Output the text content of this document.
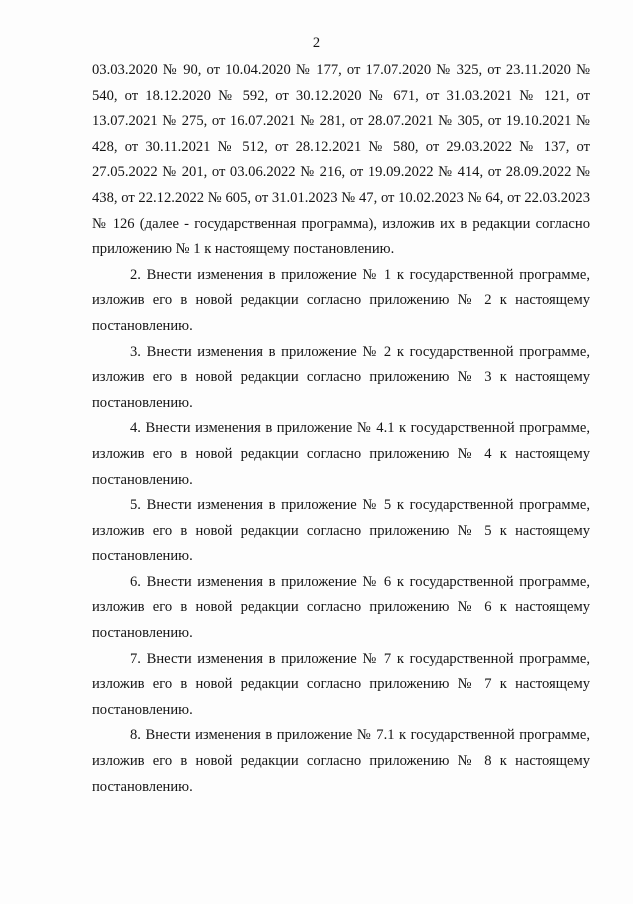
2

03.03.2020 № 90, от 10.04.2020 № 177, от 17.07.2020 № 325, от 23.11.2020 № 540, от 18.12.2020 № 592, от 30.12.2020 № 671, от 31.03.2021 № 121, от 13.07.2021 № 275, от 16.07.2021 № 281, от 28.07.2021 № 305, от 19.10.2021 № 428, от 30.11.2021 № 512, от 28.12.2021 № 580, от 29.03.2022 № 137, от 27.05.2022 № 201, от 03.06.2022 № 216, от 19.09.2022 № 414, от 28.09.2022 № 438, от 22.12.2022 № 605, от 31.01.2023 № 47, от 10.02.2023 № 64, от 22.03.2023 № 126 (далее - государственная программа), изложив их в редакции согласно приложению № 1 к настоящему постановлению.

2. Внести изменения в приложение № 1 к государственной программе, изложив его в новой редакции согласно приложению № 2 к настоящему постановлению.

3. Внести изменения в приложение № 2 к государственной программе, изложив его в новой редакции согласно приложению № 3 к настоящему постановлению.

4. Внести изменения в приложение № 4.1 к государственной программе, изложив его в новой редакции согласно приложению № 4 к настоящему постановлению.

5. Внести изменения в приложение № 5 к государственной программе, изложив его в новой редакции согласно приложению № 5 к настоящему постановлению.

6. Внести изменения в приложение № 6 к государственной программе, изложив его в новой редакции согласно приложению № 6 к настоящему постановлению.

7. Внести изменения в приложение № 7 к государственной программе, изложив его в новой редакции согласно приложению № 7 к настоящему постановлению.

8. Внести изменения в приложение № 7.1 к государственной программе, изложив его в новой редакции согласно приложению № 8 к настоящему постановлению.
